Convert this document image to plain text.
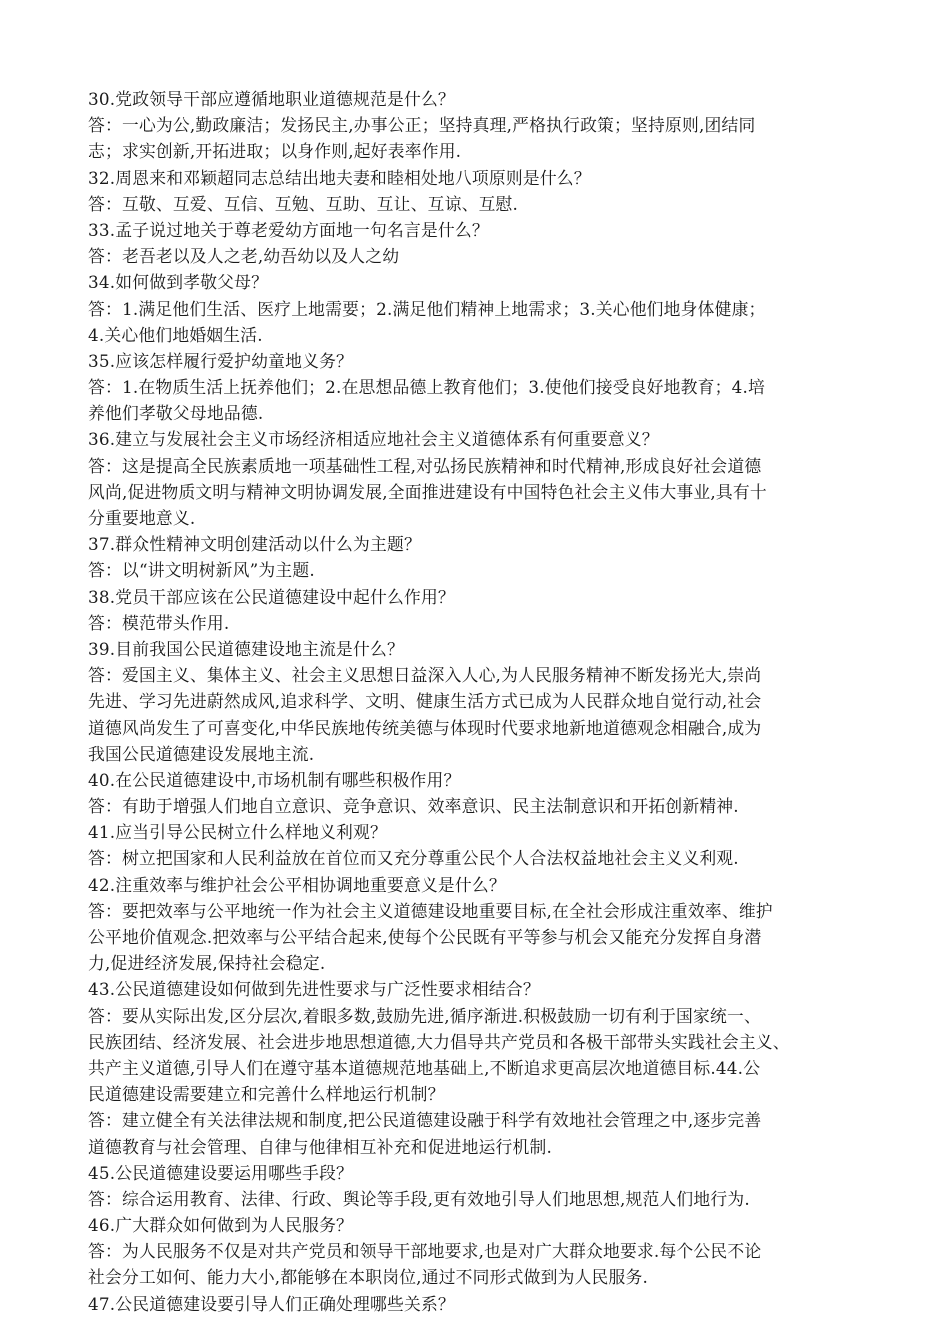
30.党政领导干部应遵循地职业道德规范是什么？
答：一心为公,勤政廉洁；发扬民主,办事公正；坚持真理,严格执行政策；坚持原则,团结同
志；求实创新,开拓进取；以身作则,起好表率作用.
32.周恩来和邓颖超同志总结出地夫妻和睦相处地八项原则是什么？
答：互敬、互爱、互信、互勉、互助、互让、互谅、互慰.
33.孟子说过地关于尊老爱幼方面地一句名言是什么？
答：老吾老以及人之老,幼吾幼以及人之幼
34.如何做到孝敬父母？
答：1.满足他们生活、医疗上地需要；2.满足他们精神上地需求；3.关心他们地身体健康；
4.关心他们地婚姻生活.
35.应该怎样履行爱护幼童地义务？
答：1.在物质生活上抚养他们；2.在思想品德上教育他们；3.使他们接受良好地教育；4.培
养他们孝敬父母地品德.
36.建立与发展社会主义市场经济相适应地社会主义道德体系有何重要意义？
答：这是提高全民族素质地一项基础性工程,对弘扬民族精神和时代精神,形成良好社会道德
风尚,促进物质文明与精神文明协调发展,全面推进建设有中国特色社会主义伟大事业,具有十
分重要地意义.
37.群众性精神文明创建活动以什么为主题？
答：以“讲文明树新风”为主题.
38.党员干部应该在公民道德建设中起什么作用？
答：模范带头作用.
39.目前我国公民道德建设地主流是什么？
答：爱国主义、集体主义、社会主义思想日益深入人心,为人民服务精神不断发扬光大,崇尚
先进、学习先进蔚然成风,追求科学、文明、健康生活方式已成为人民群众地自觉行动,社会
道德风尚发生了可喜变化,中华民族地传统美德与体现时代要求地新地道德观念相融合,成为
我国公民道德建设发展地主流.
40.在公民道德建设中,市场机制有哪些积极作用？
答：有助于增强人们地自立意识、竞争意识、效率意识、民主法制意识和开拓创新精神.
41.应当引导公民树立什么样地义利观？
答：树立把国家和人民利益放在首位而又充分尊重公民个人合法权益地社会主义义利观.
42.注重效率与维护社会公平相协调地重要意义是什么？
答：要把效率与公平地统一作为社会主义道德建设地重要目标,在全社会形成注重效率、维护
公平地价值观念.把效率与公平结合起来,使每个公民既有平等参与机会又能充分发挥自身潜
力,促进经济发展,保持社会稳定.
43.公民道德建设如何做到先进性要求与广泛性要求相结合？
答：要从实际出发,区分层次,着眼多数,鼓励先进,循序渐进.积极鼓励一切有利于国家统一、
民族团结、经济发展、社会进步地思想道德,大力倡导共产党员和各极干部带头实践社会主义、
共产主义道德,引导人们在遵守基本道德规范地基础上,不断追求更高层次地道德目标.44.公
民道德建设需要建立和完善什么样地运行机制？
答：建立健全有关法律法规和制度,把公民道德建设融于科学有效地社会管理之中,逐步完善
道德教育与社会管理、自律与他律相互补充和促进地运行机制.
45.公民道德建设要运用哪些手段？
答：综合运用教育、法律、行政、舆论等手段,更有效地引导人们地思想,规范人们地行为.
46.广大群众如何做到为人民服务？
答：为人民服务不仅是对共产党员和领导干部地要求,也是对广大群众地要求.每个公民不论
社会分工如何、能力大小,都能够在本职岗位,通过不同形式做到为人民服务.
47.公民道德建设要引导人们正确处理哪些关系？
